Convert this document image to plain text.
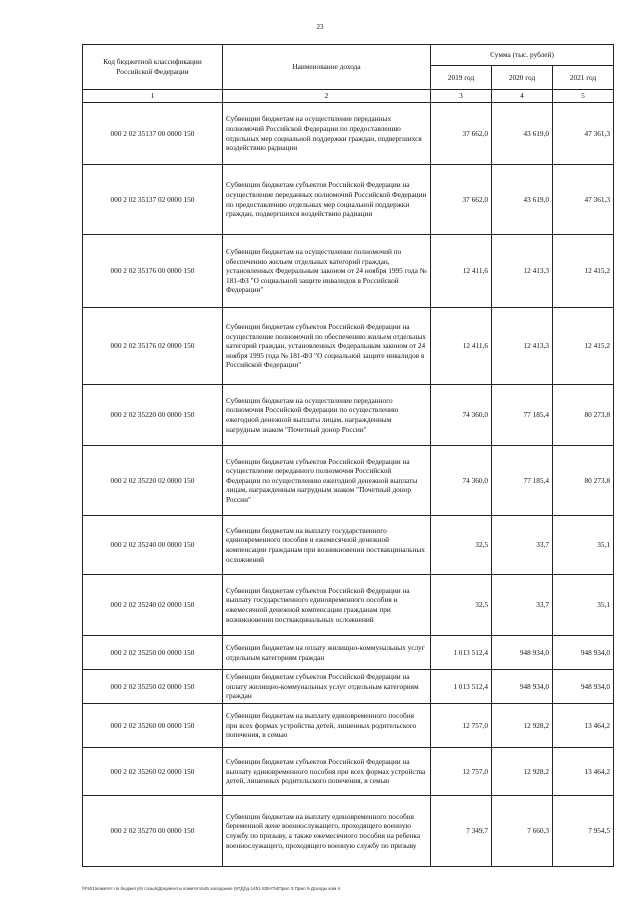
23
Код бюджетной классификации Российской Федерации	Наименование дохода	Сумма (тыс. рублей)		
		2019 год	2020 год	2021 год
1	2	3	4	5
000 2 02 35137 00 0000 150	Субвенции бюджетам на осуществление переданных полномочий Российской Федерации по предоставлению отдельных мер социальной поддержки граждан, подвергшихся воздействию радиации	37 662,0	43 619,0	47 361,3
000 2 02 35137 02 0000 150	Субвенции бюджетам субъектов Российской Федерации на осуществление переданных полномочий Российской Федерации по предоставлению отдельных мер социальной поддержки граждан, подвергшихся воздействию радиации	37 662,0	43 619,0	47 361,3
000 2 02 35176 00 0000 150	Субвенции бюджетам на осуществление полномочий по обеспечению жильем отдельных категорий граждан, установленных Федеральным законом от 24 ноября 1995 года № 181-ФЗ "О социальной защите инвалидов в Российской Федерации"	12 411,6	12 413,3	12 415,2
000 2 02 35176 02 0000 150	Субвенции бюджетам субъектов Российской Федерации на осуществление полномочий по обеспечению жильем отдельных категорий граждан, установленных Федеральным законом от 24 ноября 1995 года № 181-ФЗ "О социальной защите инвалидов в Российской Федерации"	12 411,6	12 413,3	12 415,2
000 2 02 35220 00 0000 150	Субвенции бюджетам на осуществление переданного полномочия Российской Федерации по осуществлению ежегодной денежной выплаты лицам, награжденным нагрудным знаком "Почетный донор России"	74 360,0	77 185,4	80 273,8
000 2 02 35220 02 0000 150	Субвенции бюджетам субъектов Российской Федерации на осуществление переданного полномочия Российской Федерации по осуществлению ежегодной денежной выплаты лицам, награжденным нагрудным знаком "Почетный донор России"	74 360,0	77 185,4	80 273,8
000 2 02 35240 00 0000 150	Субвенции бюджетам на выплату государственного единовременного пособия и ежемесячной денежной компенсации гражданам при возникновении поствакцинальных осложнений	32,5	33,7	35,1
000 2 02 35240 02 0000 150	Субвенции бюджетам субъектов Российской Федерации на выплату государственного единовременного пособия и ежемесячной денежной компенсации гражданам при возникновении поствакцинальных осложнений	32,5	33,7	35,1
000 2 02 35250 00 0000 150	Субвенции бюджетам на оплату жилищно-коммунальных услуг отдельным категориям граждан	1 013 512,4	948 934,0	948 934,0
000 2 02 35250 02 0000 150	Субвенции бюджетам субъектов Российской Федерации на оплату жилищно-коммунальных услуг отдельным категориям граждан	1 013 512,4	948 934,0	948 934,0
000 2 02 35260 00 0000 150	Субвенции бюджетам на выплату единовременного пособия при всех формах устройства детей, лишенных родительского попечения, в семью	12 757,0	12 928,2	13 464,2
000 2 02 35260 02 0000 150	Субвенции бюджетам субъектов Российской Федерации на выплату единовременного пособия при всех формах устройства детей, лишенных родительского попечения, в семью	12 757,0	12 928,2	13 464,2
000 2 02 35270 00 0000 150	Субвенции бюджетам на выплату единовременного пособия беременной жене военнослужащего, проходящего военную службу по призыву, а также ежемесячного пособия на ребенка военнослужащего, проходящего военную службу по призыву	7 349,7	7 660,3	7 954,5
\\Fs01\комитет по бюджету\6 созыв\Документы комитета\45 заседание (97Д)\д-1451 838-П\4Прил 3 Прил 9 Доходы изм 4
